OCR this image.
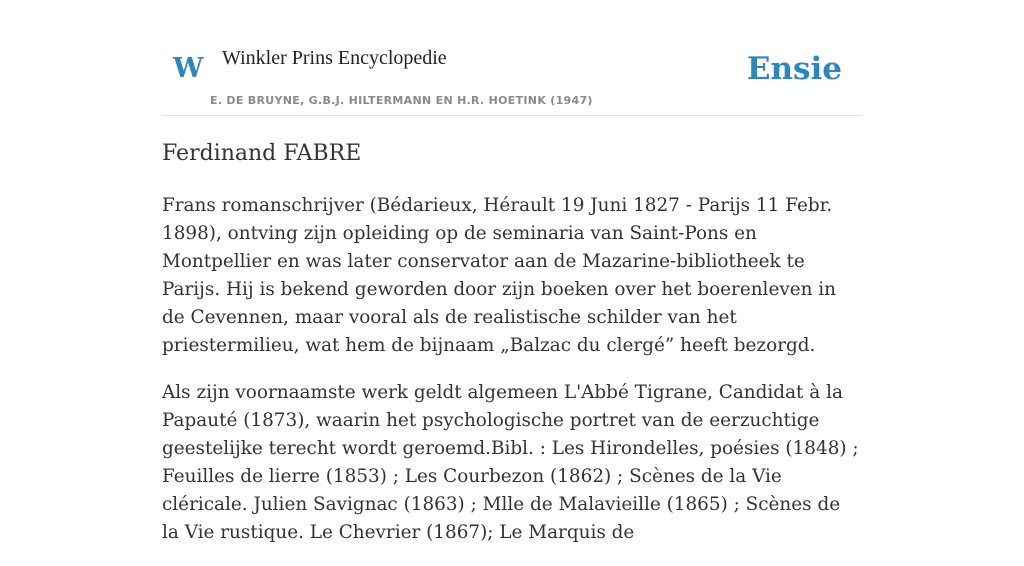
W Winkler Prins Encyclopedie
E. DE BRUYNE, G.B.J. HILTERMANN EN H.R. HOETINK (1947)
Ensie
Ferdinand FABRE

Frans romanschrijver (Bédarieux, Hérault 19 Juni 1827 - Parijs 11 Febr. 1898), ontving zijn opleiding op de seminaria van Saint-Pons en Montpellier en was later conservator aan de Mazarine-bibliotheek te Parijs. Hij is bekend geworden door zijn boeken over het boerenleven in de Cevennen, maar vooral als de realistische schilder van het priestermilieu, wat hem de bijnaam „Balzac du clergé” heeft bezorgd.

Als zijn voornaamste werk geldt algemeen L'Abbé Tigrane, Candidat à la Papauté (1873), waarin het psychologische portret van de eerzuchtige geestelijke terecht wordt geroemd.Bibl. : Les Hirondelles, poésies (1848) ; Feuilles de lierre (1853) ; Les Courbezon (1862) ; Scènes de la Vie cléricale. Julien Savignac (1863) ; Mlle de Malavieille (1865) ; Scènes de la Vie rustique. Le Chevrier (1867); Le Marquis de
